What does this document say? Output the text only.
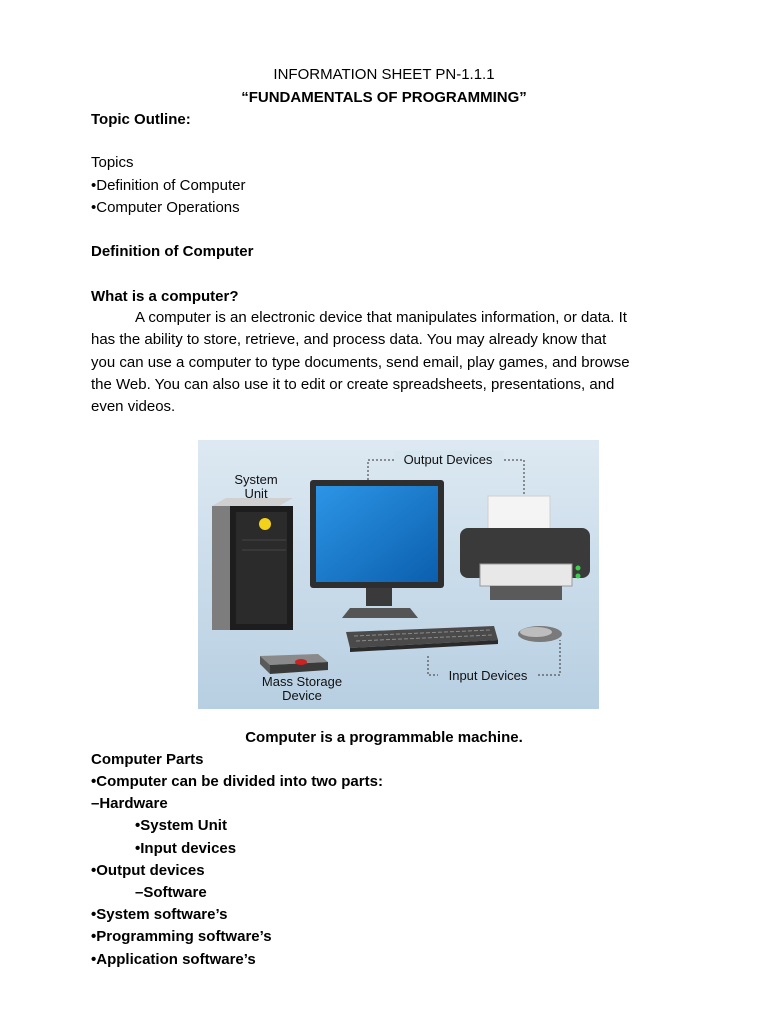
INFORMATION SHEET PN-1.1.1
“FUNDAMENTALS OF PROGRAMMING”
Topic Outline:
Topics
•Definition of Computer
•Computer Operations
Definition of Computer
What is a computer?
A computer is an electronic device that manipulates information, or data. It
has the ability to store, retrieve, and process data. You may already know that
you can use a computer to type documents, send email, play games, and browse
the Web. You can also use it to edit or create spreadsheets, presentations, and
even videos.
System
Unit
Output Devices
Input Devices
Mass Storage
Device
Computer is a programmable machine.
Computer Parts
•Computer can be divided into two parts:
–Hardware
•System Unit
•Input devices
•Output devices
–Software
•System software’s
•Programming software’s
•Application software’s
